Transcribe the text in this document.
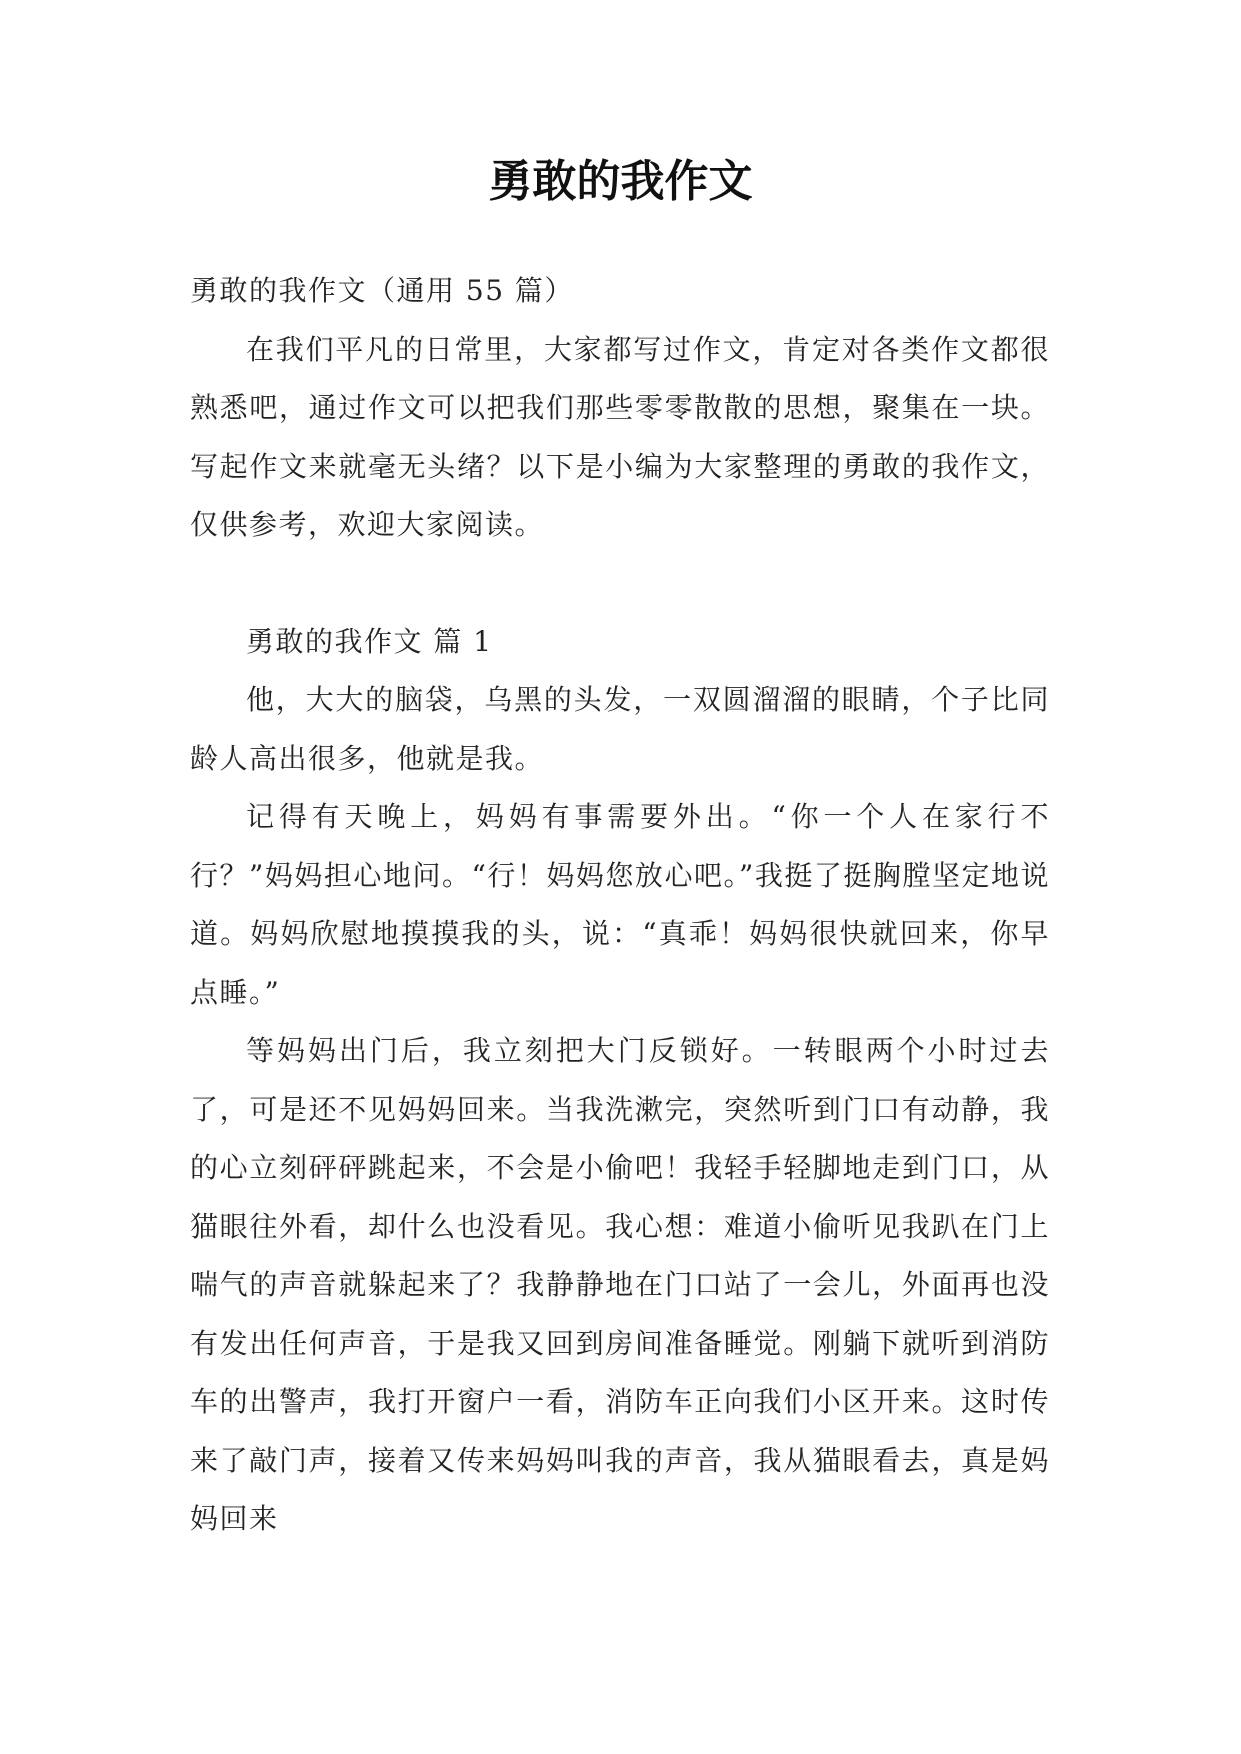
勇敢的我作文

勇敢的我作文（通用 55 篇）

在我们平凡的日常里，大家都写过作文，肯定对各类作文都很熟悉吧，通过作文可以把我们那些零零散散的思想，聚集在一块。写起作文来就毫无头绪？以下是小编为大家整理的勇敢的我作文，仅供参考，欢迎大家阅读。

勇敢的我作文 篇 1

他，大大的脑袋，乌黑的头发，一双圆溜溜的眼睛，个子比同龄人高出很多，他就是我。

记得有天晚上，妈妈有事需要外出。“你一个人在家行不行？”妈妈担心地问。“行！妈妈您放心吧。”我挺了挺胸膛坚定地说道。妈妈欣慰地摸摸我的头，说：“真乖！妈妈很快就回来，你早点睡。”

等妈妈出门后，我立刻把大门反锁好。一转眼两个小时过去了，可是还不见妈妈回来。当我洗漱完，突然听到门口有动静，我的心立刻砰砰跳起来，不会是小偷吧！我轻手轻脚地走到门口，从猫眼往外看，却什么也没看见。我心想：难道小偷听见我趴在门上喘气的声音就躲起来了？我静静地在门口站了一会儿，外面再也没有发出任何声音，于是我又回到房间准备睡觉。刚躺下就听到消防车的出警声，我打开窗户一看，消防车正向我们小区开来。这时传来了敲门声，接着又传来妈妈叫我的声音，我从猫眼看去，真是妈妈回来
